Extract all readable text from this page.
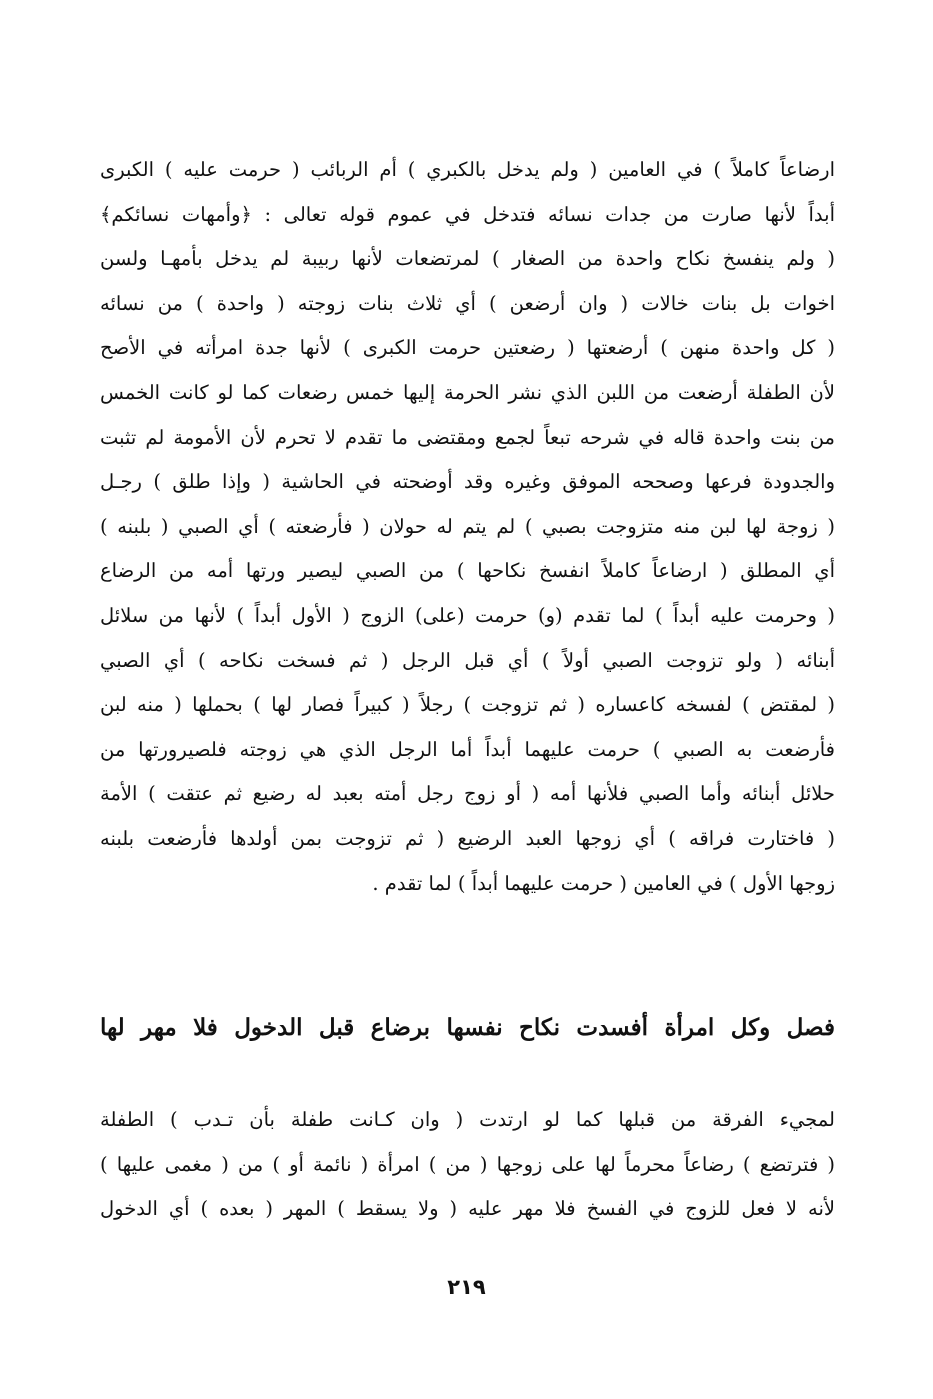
ارضاعاً كاملاً ) في العامين ( ولم يدخل بالكبري ) أم الربائب ( حرمت عليه ) الكبرى
أبداً لأنها صارت من جدات نسائه فتدخل في عموم قوله تعالى : ﴿وأمهات نسائكم﴾
( ولم ينفسخ نكاح واحدة من الصغار ) لمرتضعات لأنها ربيبة لم يدخل بأمهـا ولسن
اخوات بل بنات خالات ( وان أرضعن ) أي ثلاث بنات زوجته ( واحدة ) من نسائه
( كل واحدة منهن ) أرضعتها ( رضعتين حرمت الكبرى ) لأنها جدة امرأته في الأصح
لأن الطفلة أرضعت من اللبن الذي نشر الحرمة إليها خمس رضعات كما لو كانت الخمس
من بنت واحدة قاله في شرحه تبعاً لجمع ومقتضى ما تقدم لا تحرم لأن الأمومة لم تثبت
والجدودة فرعها وصححه الموفق وغيره وقد أوضحته في الحاشية ( وإذا طلق ) رجـل
( زوجة لها لبن منه متزوجت بصبي ) لم يتم له حولان ( فأرضعته ) أي الصبي ( بلبنه )
أي المطلق ( ارضاعاً كاملاً انفسخ نكاحها ) من الصبي ليصير ورتها أمه من الرضاع
( وحرمت عليه أبداً ) لما تقدم (و) حرمت (على) الزوج ( الأول أبداً ) لأنها من سلائل
أبنائه ( ولو تزوجت الصبي أولاً ) أي قبل الرجل ( ثم فسخت نكاحه ) أي الصبي
( لمقتض ) لفسخه كاعساره ( ثم تزوجت ) رجلاً ( كبيراً فصار لها ) بحملها ( منه لبن
فأرضعت به الصبي ) حرمت عليهما أبداً أما الرجل الذي هي زوجته فلصيرورتها من
حلائل أبنائه وأما الصبي فلأنها أمه ( أو زوج رجل أمته بعبد له رضيع ثم عتقت ) الأمة
( فاختارت فراقه ) أي زوجها العبد الرضيع ( ثم تزوجت بمن أولدها فأرضعت بلبنه
زوجها الأول ) في العامين ( حرمت عليهما أبداً ) لما تقدم .
فصل وكل امرأة أفسدت نكاح نفسها برضاع قبل الدخول فلا مهر لها
لمجيء الفرقة من قبلها كما لو ارتدت ( وان كـانت طفلة بأن تـدب ) الطفلة
( فترتضع ) رضاعاً محرماً لها على زوجها ( من ) امرأة ( نائمة أو ) من ( مغمى عليها )
لأنه لا فعل للزوج في الفسخ فلا مهر عليه ( ولا يسقط ) المهر ( بعده ) أي الدخول
٢١٩
